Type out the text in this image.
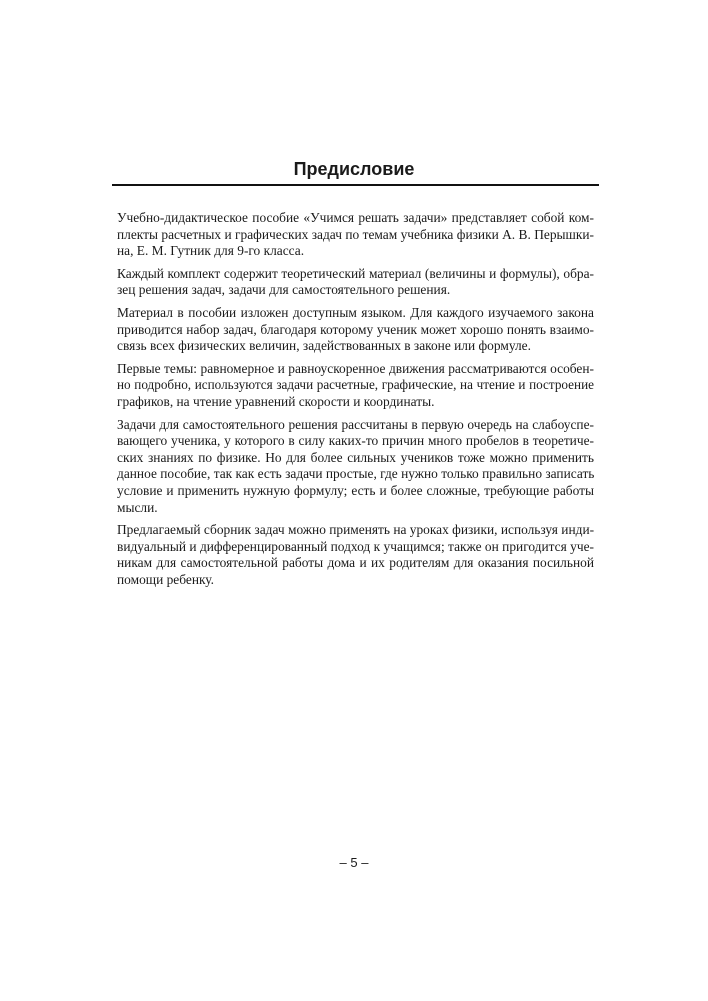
Предисловие

Учебно-дидактическое пособие «Учимся решать задачи» представляет собой ком-
плекты расчетных и графических задач по темам учебника физики А. В. Перышки-
на, Е. М. Гутник для 9-го класса.

Каждый комплект содержит теоретический материал (величины и формулы), обра-
зец решения задач, задачи для самостоятельного решения.

Материал в пособии изложен доступным языком. Для каждого изучаемого закона
приводится набор задач, благодаря которому ученик может хорошо понять взаимо-
связь всех физических величин, задействованных в законе или формуле.

Первые темы: равномерное и равноускоренное движения рассматриваются особен-
но подробно, используются задачи расчетные, графические, на чтение и построение
графиков, на чтение уравнений скорости и координаты.

Задачи для самостоятельного решения рассчитаны в первую очередь на слабоуспе-
вающего ученика, у которого в силу каких-то причин много пробелов в теоретиче-
ских знаниях по физике. Но для более сильных учеников тоже можно применить
данное пособие, так как есть задачи простые, где нужно только правильно записать
условие и применить нужную формулу; есть и более сложные, требующие работы
мысли.

Предлагаемый сборник задач можно применять на уроках физики, используя инди-
видуальный и дифференцированный подход к учащимся; также он пригодится уче-
никам для самостоятельной работы дома и их родителям для оказания посильной
помощи ребенку.

– 5 –
